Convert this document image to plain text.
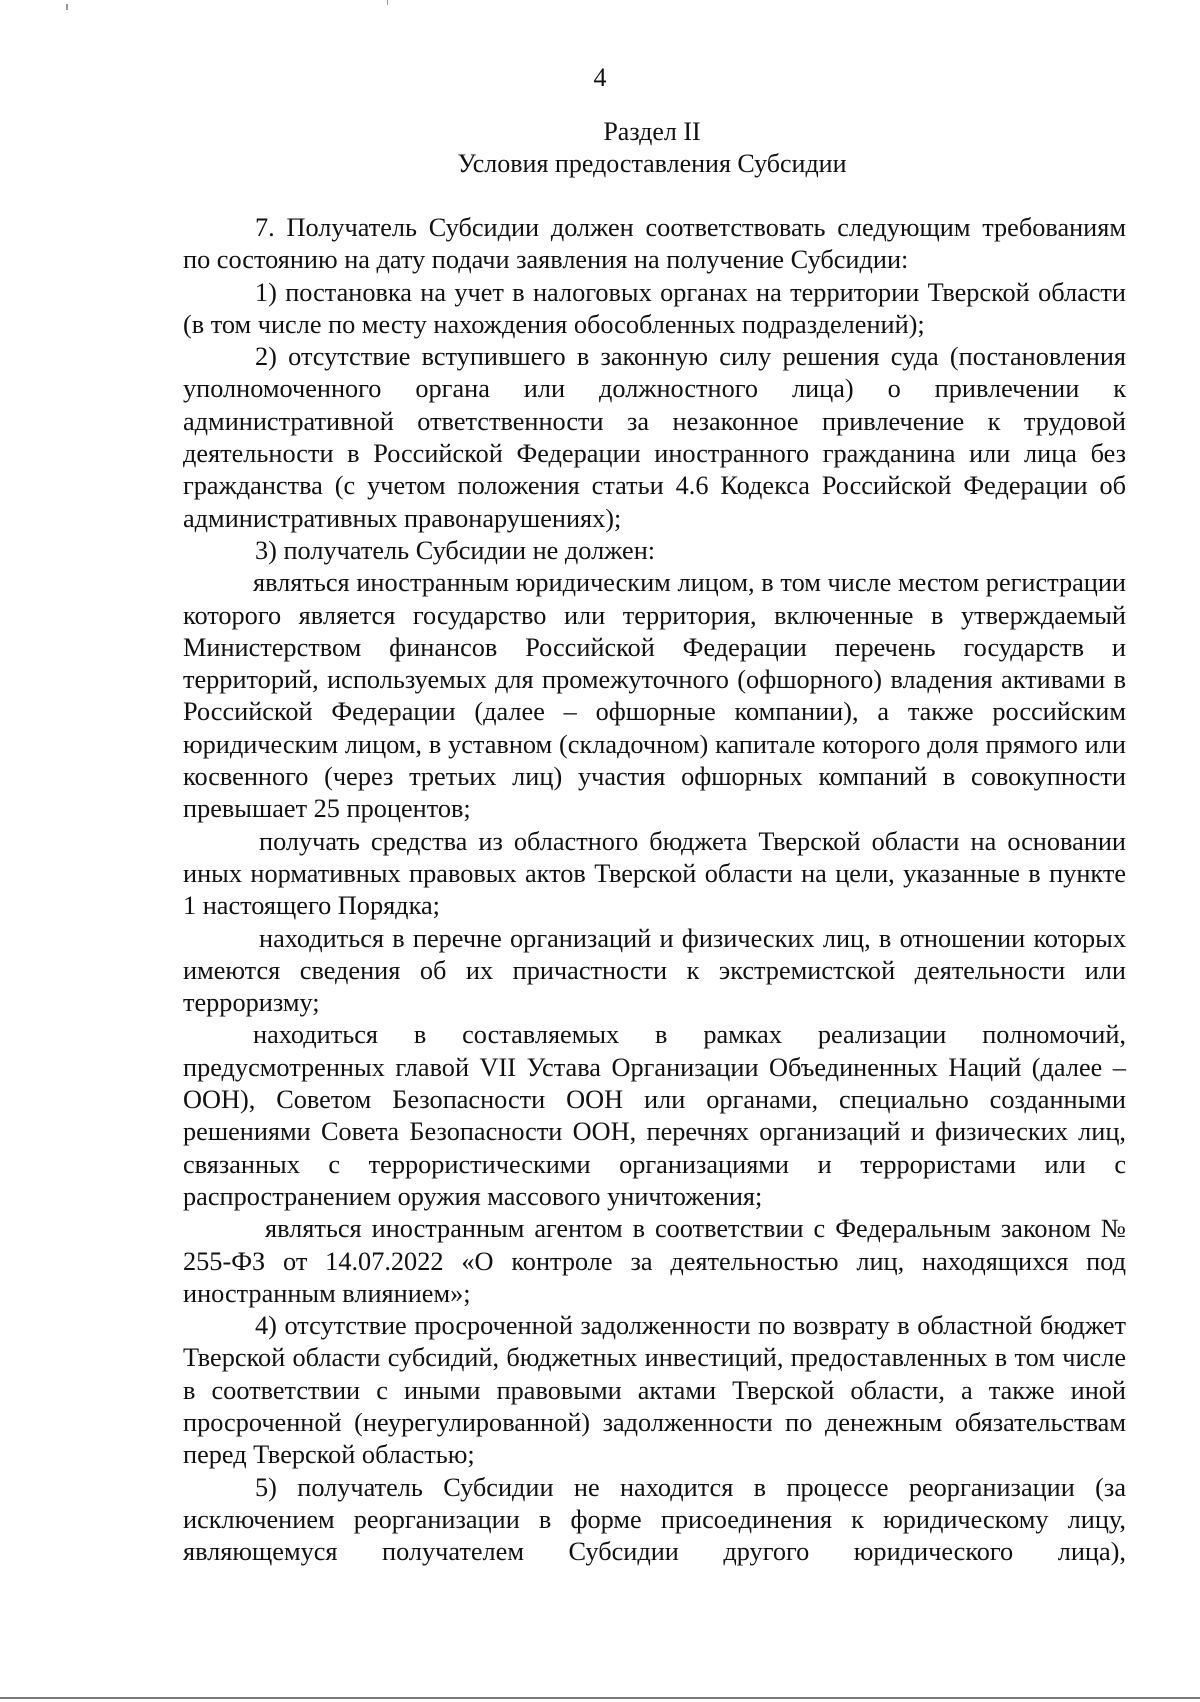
4
Раздел II
Условия предоставления Субсидии

7. Получатель Субсидии должен соответствовать следующим требованиям по состоянию на дату подачи заявления на получение Субсидии:

1) постановка на учет в налоговых органах на территории Тверской области (в том числе по месту нахождения обособленных подразделений);

2) отсутствие вступившего в законную силу решения суда (постановления уполномоченного органа или должностного лица) о привлечении к административной ответственности за незаконное привлечение к трудовой деятельности в Российской Федерации иностранного гражданина или лица без гражданства (с учетом положения статьи 4.6 Кодекса Российской Федерации об административных правонарушениях);

3) получатель Субсидии не должен:

являться иностранным юридическим лицом, в том числе местом регистрации которого является государство или территория, включенные в утверждаемый Министерством финансов Российской Федерации перечень государств и территорий, используемых для промежуточного (офшорного) владения активами в Российской Федерации (далее – офшорные компании), а также российским юридическим лицом, в уставном (складочном) капитале которого доля прямого или косвенного (через третьих лиц) участия офшорных компаний в совокупности превышает 25 процентов;

получать средства из областного бюджета Тверской области на основании иных нормативных правовых актов Тверской области на цели, указанные в пункте 1 настоящего Порядка;

находиться в перечне организаций и физических лиц, в отношении которых имеются сведения об их причастности к экстремистской деятельности или терроризму;

находиться в составляемых в рамках реализации полномочий, предусмотренных главой VII Устава Организации Объединенных Наций (далее – ООН), Советом Безопасности ООН или органами, специально созданными решениями Совета Безопасности ООН, перечнях организаций и физических лиц, связанных с террористическими организациями и террористами или с распространением оружия массового уничтожения;

являться иностранным агентом в соответствии с Федеральным законом № 255-ФЗ от 14.07.2022 «О контроле за деятельностью лиц, находящихся под иностранным влиянием»;

4) отсутствие просроченной задолженности по возврату в областной бюджет Тверской области субсидий, бюджетных инвестиций, предоставленных в том числе в соответствии с иными правовыми актами Тверской области, а также иной просроченной (неурегулированной) задолженности по денежным обязательствам перед Тверской областью;

5) получатель Субсидии не находится в процессе реорганизации (за исключением реорганизации в форме присоединения к юридическому лицу, являющемуся получателем Субсидии другого юридического лица),
